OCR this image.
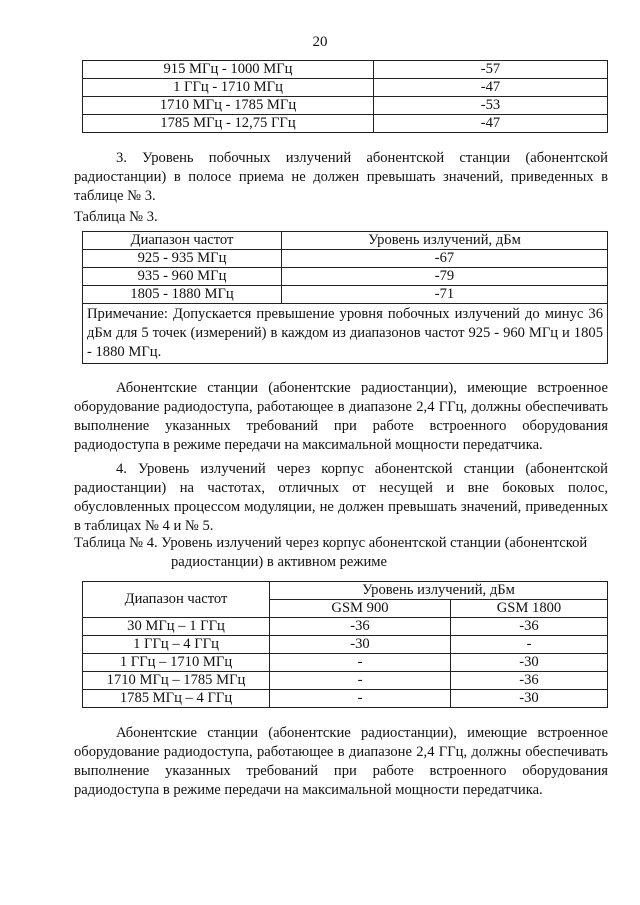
20
915 МГц - 1000 МГц	-57
1 ГГц - 1710 МГц	-47
1710 МГц - 1785 МГц	-53
1785 МГц - 12,75 ГГц	-47

3. Уровень побочных излучений абонентской станции (абонентской радиостанции) в полосе приема не должен превышать значений, приведенных в таблице № 3.

Таблица № 3.
Диапазон частот	Уровень излучений, дБм
925 - 935 МГц	-67
935 - 960 МГц	-79
1805 - 1880 МГц	-71
Примечание: Допускается превышение уровня побочных излучений до минус 36 дБм для 5 точек (измерений) в каждом из диапазонов частот 925 - 960 МГц и 1805 - 1880 МГц.	

Абонентские станции (абонентские радиостанции), имеющие встроенное оборудование радиодоступа, работающее в диапазоне 2,4 ГГц, должны обеспечивать выполнение указанных требований при работе встроенного оборудования радиодоступа в режиме передачи на максимальной мощности передатчика.

4. Уровень излучений через корпус абонентской станции (абонентской радиостанции) на частотах, отличных от несущей и вне боковых полос, обусловленных процессом модуляции, не должен превышать значений, приведенных в таблицах № 4 и № 5.

Таблица № 4. Уровень излучений через корпус абонентской станции (абонентской
радиостанции) в активном режиме
Диапазон частот	Уровень излучений, дБм	
	GSM 900	GSM 1800
30 МГц – 1 ГГц	-36	-36
1 ГГц – 4 ГГц	-30	-
1 ГГц – 1710 МГц	-	-30
1710 МГц – 1785 МГц	-	-36
1785 МГц – 4 ГГц	-	-30

Абонентские станции (абонентские радиостанции), имеющие встроенное оборудование радиодоступа, работающее в диапазоне 2,4 ГГц, должны обеспечивать выполнение указанных требований при работе встроенного оборудования радиодоступа в режиме передачи на максимальной мощности передатчика.
